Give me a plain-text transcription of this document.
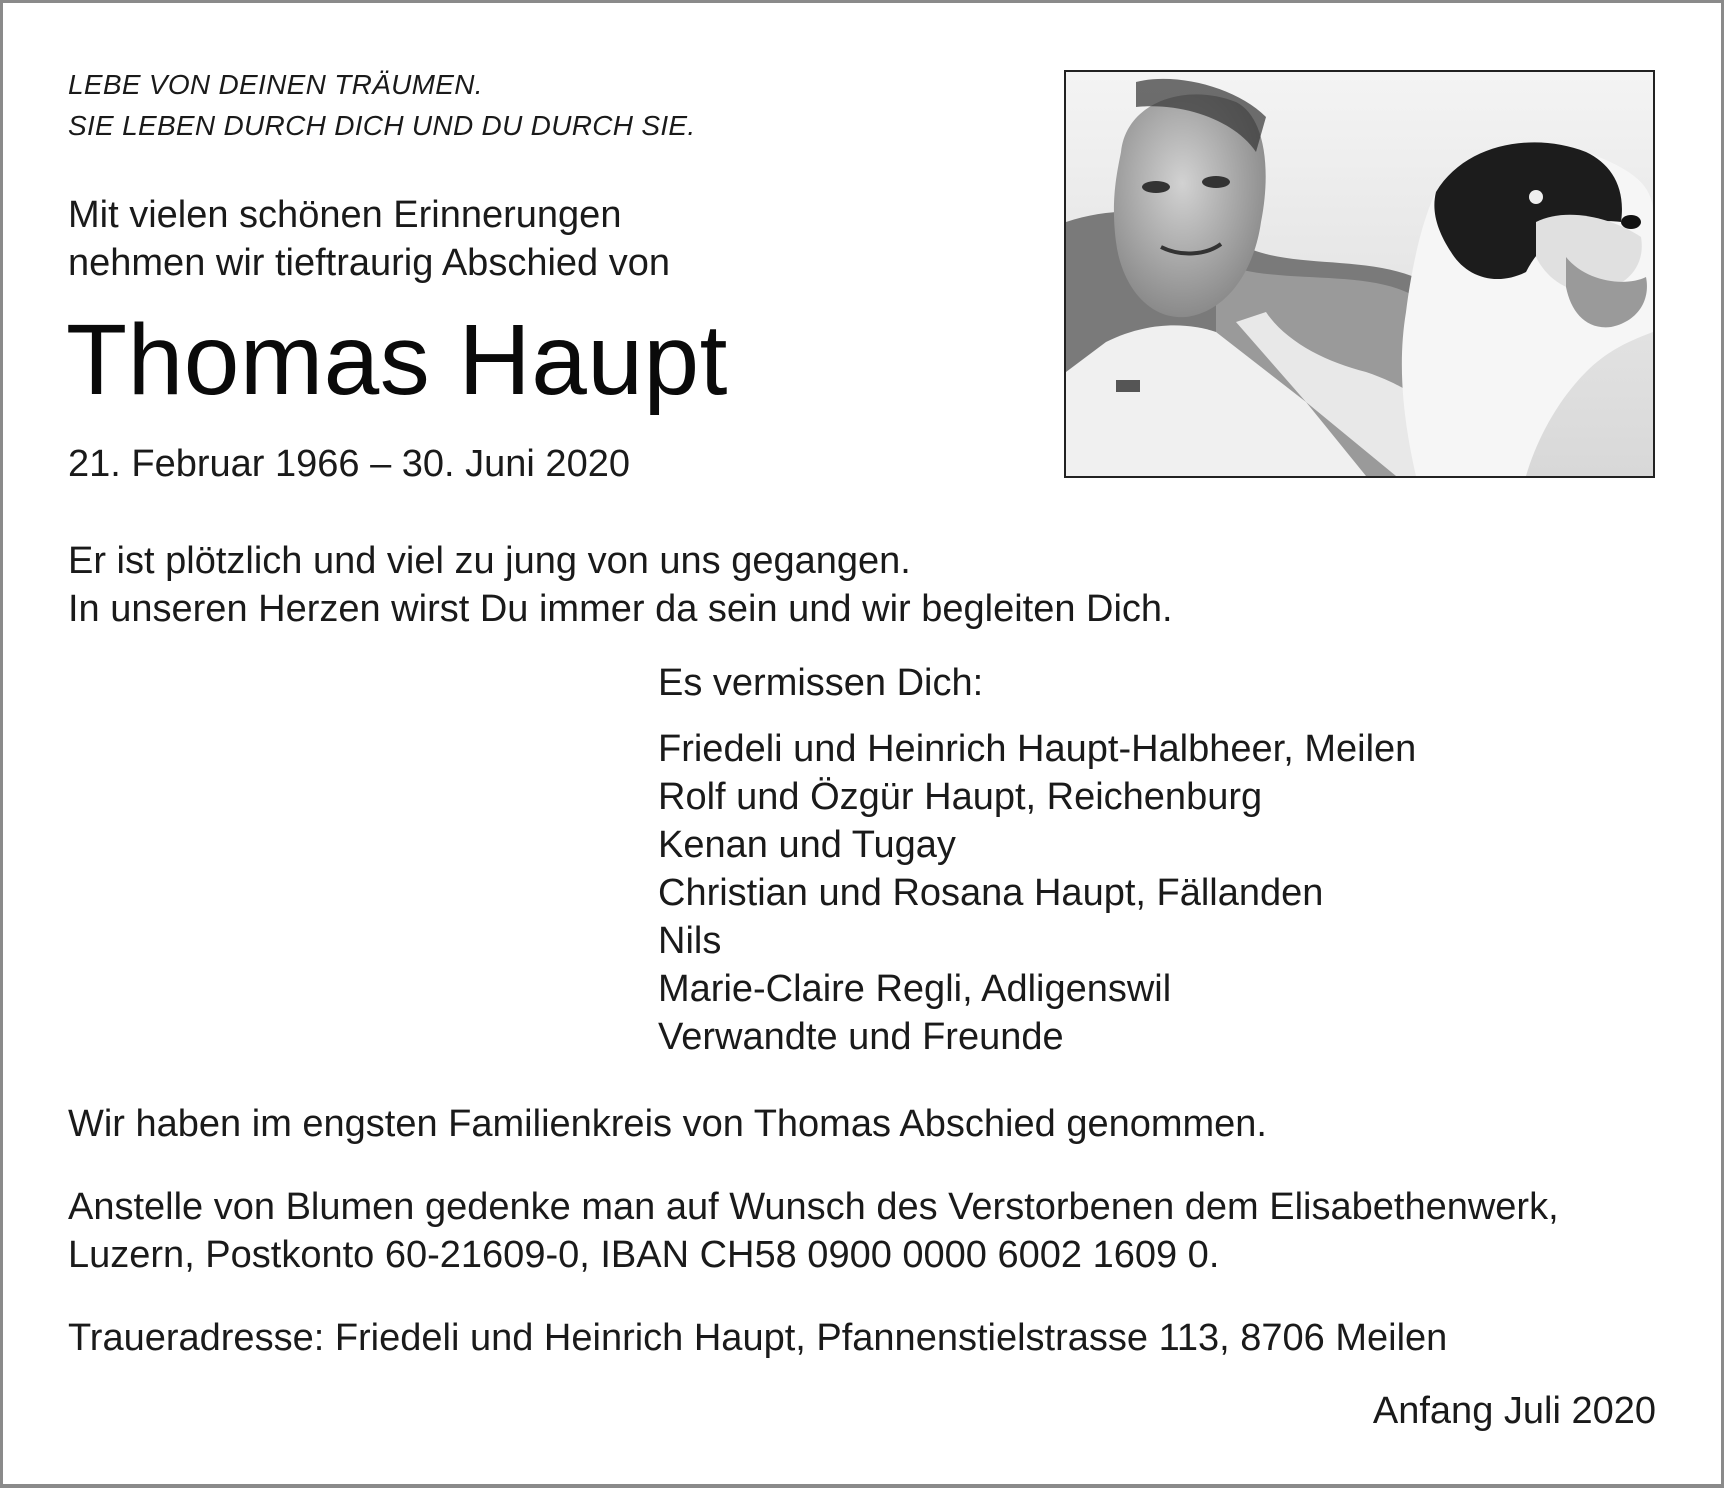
LEBE VON DEINEN TRÄUMEN.
SIE LEBEN DURCH DICH UND DU DURCH SIE.
Mit vielen schönen Erinnerungen
nehmen wir tieftraurig Abschied von
Thomas Haupt
21. Februar 1966 – 30. Juni 2020
Er ist plötzlich und viel zu jung von uns gegangen.
In unseren Herzen wirst Du immer da sein und wir begleiten Dich.
Es vermissen Dich:
Friedeli und Heinrich Haupt-Halbheer, Meilen
Rolf und Özgür Haupt, Reichenburg
Kenan und Tugay
Christian und Rosana Haupt, Fällanden
Nils
Marie-Claire Regli, Adligenswil
Verwandte und Freunde
Wir haben im engsten Familienkreis von Thomas Abschied genommen.
Anstelle von Blumen gedenke man auf Wunsch des Verstorbenen dem Elisabethenwerk,
Luzern, Postkonto 60-21609-0, IBAN CH58 0900 0000 6002 1609 0.
Traueradresse: Friedeli und Heinrich Haupt, Pfannenstielstrasse 113, 8706 Meilen
Anfang Juli 2020
